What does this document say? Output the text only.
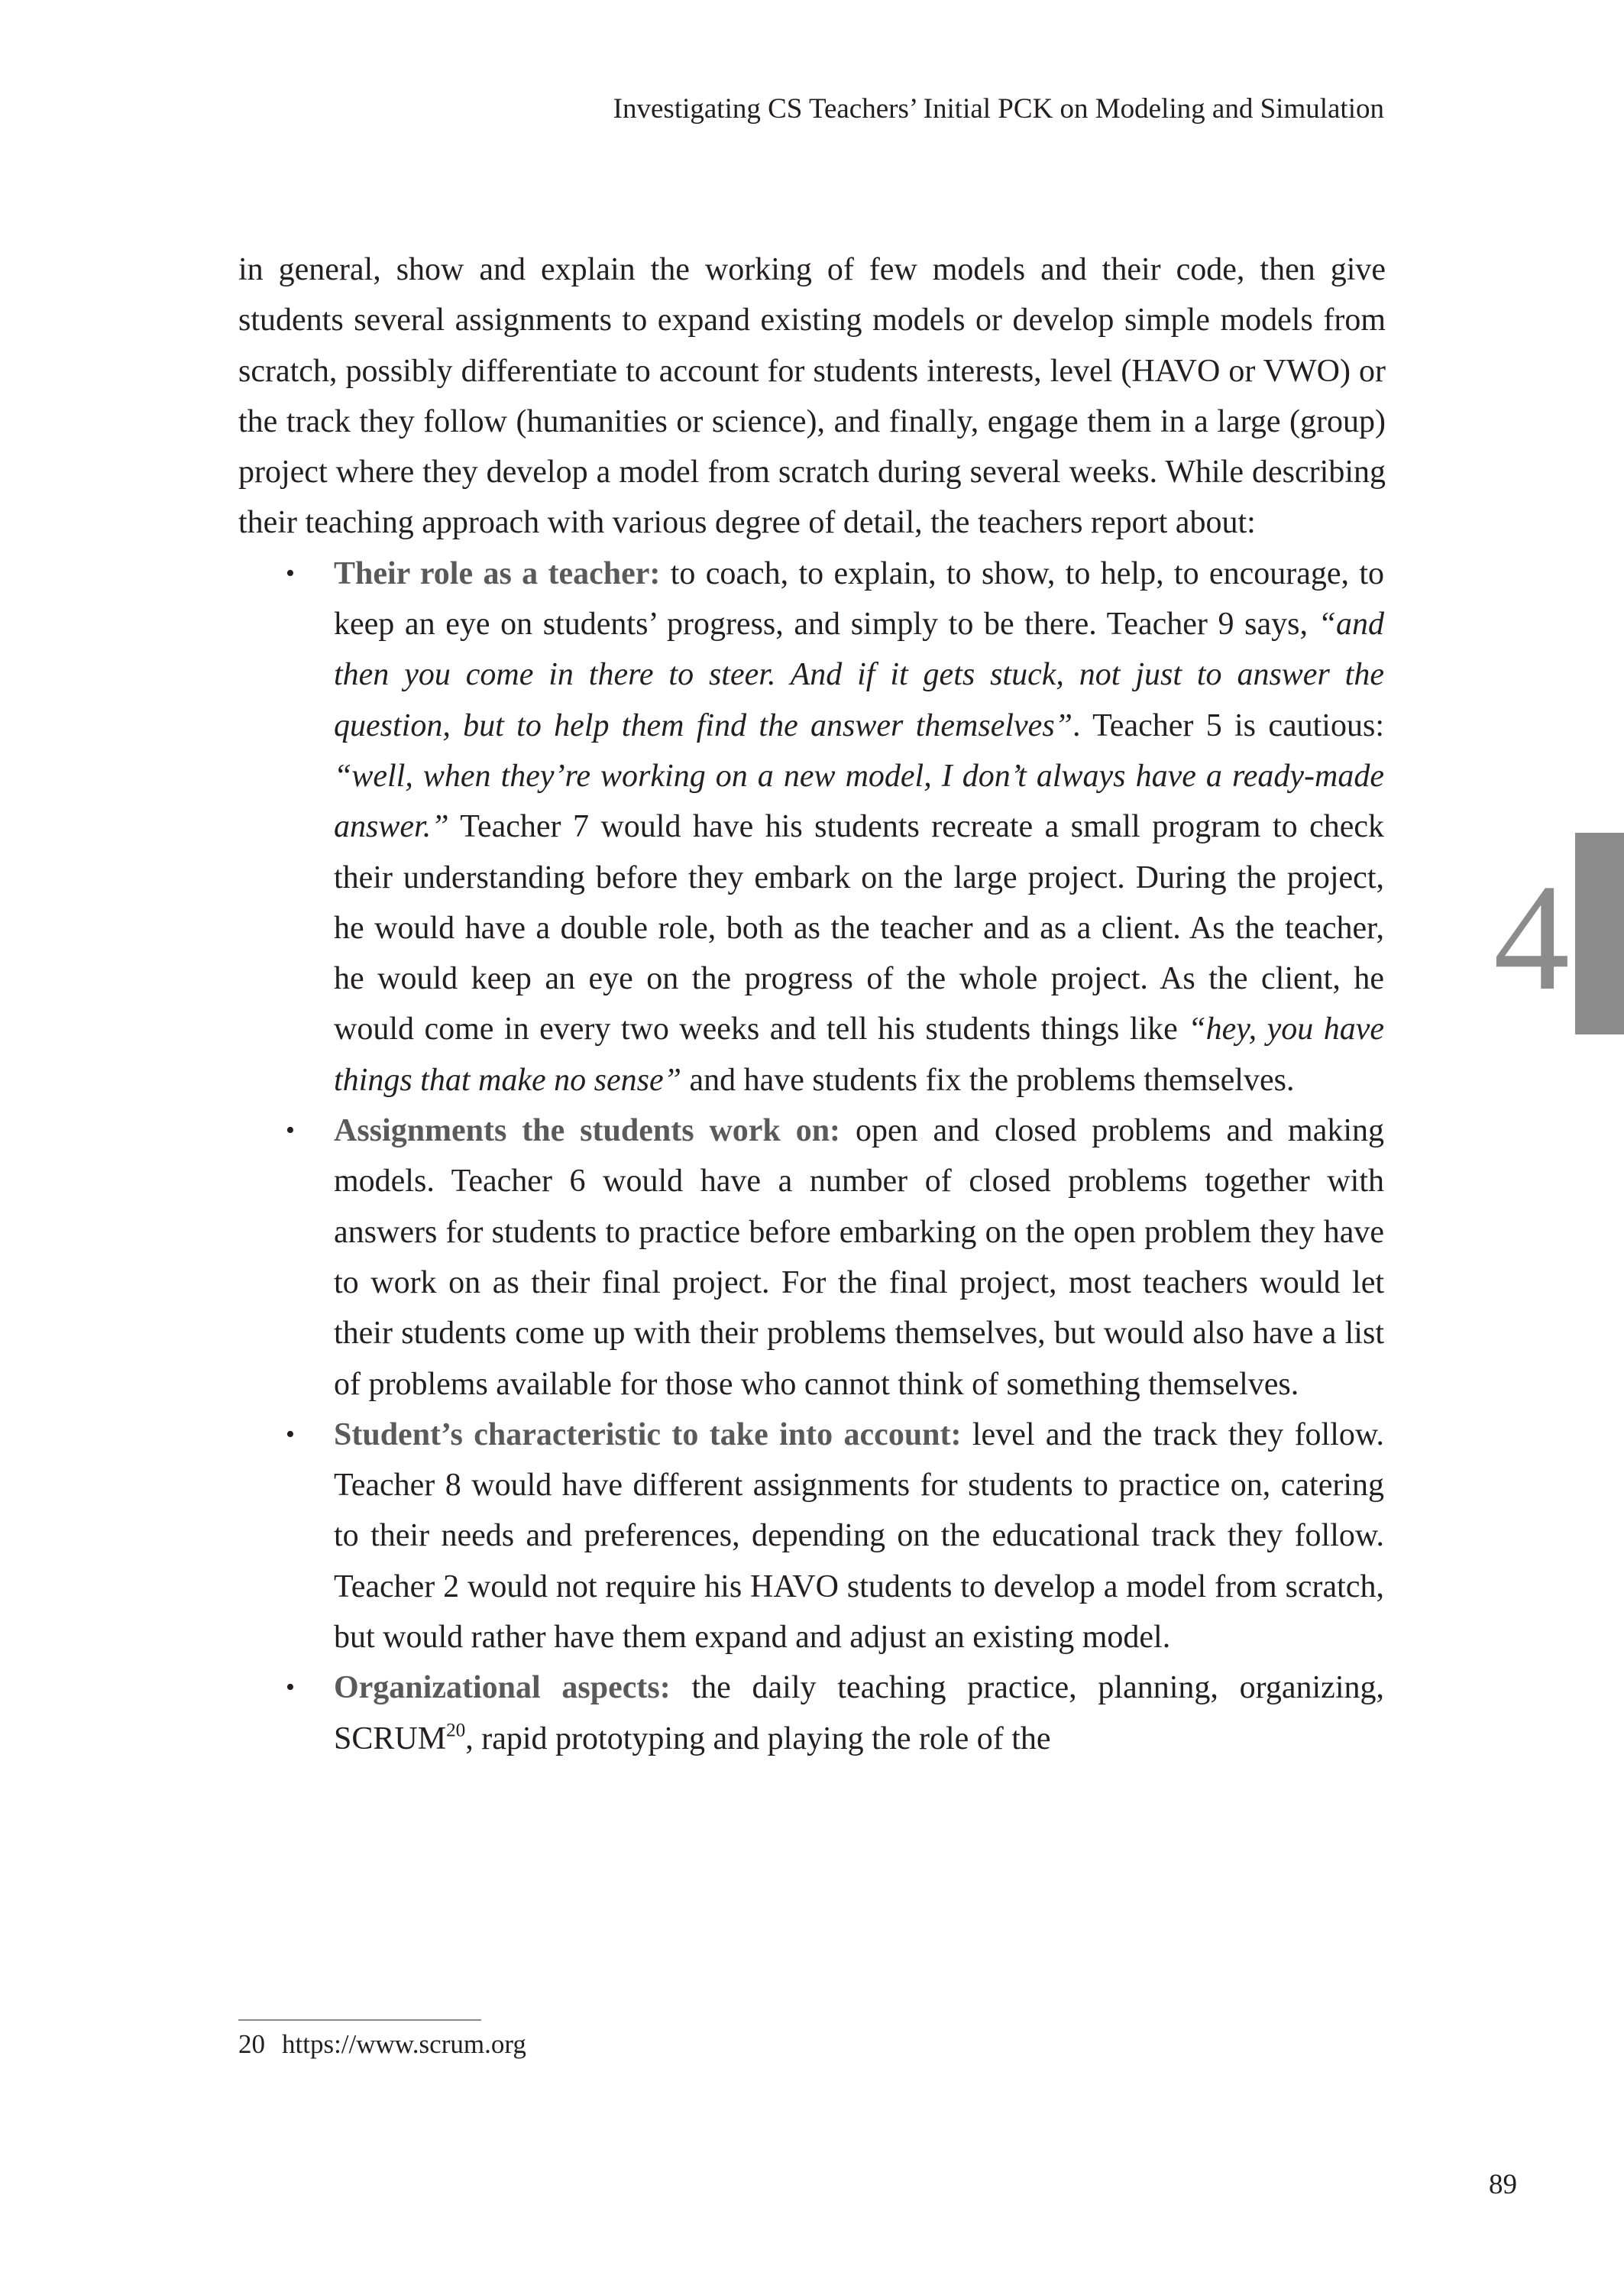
Investigating CS Teachers’ Initial PCK on Modeling and Simulation

in general, show and explain the working of few models and their code, then give students several assignments to expand existing models or develop simple models from scratch, possibly differentiate to account for students interests, level (HAVO or VWO) or the track they follow (humanities or science), and finally, engage them in a large (group) project where they develop a model from scratch during several weeks. While describing their teaching approach with various degree of detail, the teachers report about:

• Their role as a teacher: to coach, to explain, to show, to help, to encourage, to keep an eye on students’ progress, and simply to be there. Teacher 9 says, “and then you come in there to steer. And if it gets stuck, not just to answer the question, but to help them find the answer themselves”. Teacher 5 is cautious: “well, when they’re working on a new model, I don’t always have a ready-made answer.” Teacher 7 would have his students recreate a small program to check their understanding before they embark on the large project. During the project, he would have a double role, both as the teacher and as a client. As the teacher, he would keep an eye on the progress of the whole project. As the client, he would come in every two weeks and tell his students things like “hey, you have things that make no sense” and have students fix the problems themselves.
• Assignments the students work on: open and closed problems and making models. Teacher 6 would have a number of closed problems together with answers for students to practice before embarking on the open problem they have to work on as their final project. For the final project, most teachers would let their students come up with their problems themselves, but would also have a list of problems available for those who cannot think of something themselves.
• Student’s characteristic to take into account: level and the track they follow. Teacher 8 would have different assignments for students to practice on, catering to their needs and preferences, depending on the educational track they follow. Teacher 2 would not require his HAVO students to develop a model from scratch, but would rather have them expand and adjust an existing model.
• Organizational aspects: the daily teaching practice, planning, organizing, SCRUM$^{20}$, rapid prototyping and playing the role of the
20 https://www.scrum.org
4
89
